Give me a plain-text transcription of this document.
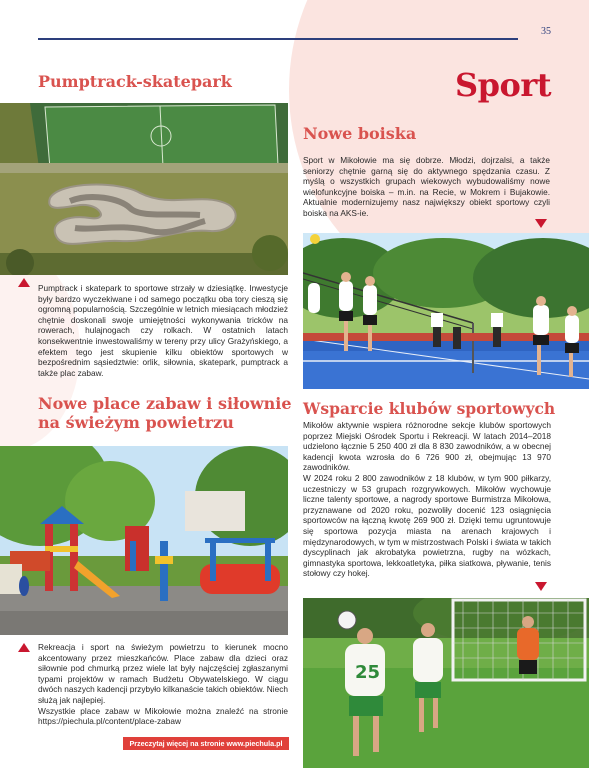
35
Sport
Pumptrack-skatepark

Pumptrack i skatepark to sportowe strzały w dziesiątkę. Inwestycje były bardzo wyczekiwane i od samego początku oba tory cieszą się ogromną popularnością. Szczególnie w letnich miesiącach młodzież chętnie doskonali swoje umiejętności wykonywania tricków na rowerach, hulajnogach czy rolkach. W ostatnich latach konsekwentnie inwestowaliśmy w tereny przy ulicy Grażyńskiego, a efektem tego jest skupienie kilku obiektów sportowych w bezpośrednim sąsiedztwie: orlik, siłownia, skatepark, pumptrack a także plac zabaw.

Nowe boiska

Sport w Mikołowie ma się dobrze. Młodzi, dojrzalsi, a także seniorzy chętnie garną się do aktywnego spędzania czasu. Z myślą o wszystkich grupach wiekowych wybudowaliśmy nowe wielofunkcyjne boiska – m.in. na Recie, w Mokrem i Bujakowie. Aktualnie modernizujemy nasz największy obiekt sportowy czyli boiska na AKS-ie.

Nowe place zabaw i siłownie na świeżym powietrzu

Rekreacja i sport na świeżym powietrzu to kierunek mocno akcentowany przez mieszkańców. Place zabaw dla dzieci oraz siłownie pod chmurką przez wiele lat były najczęściej zgłaszanymi typami projektów w ramach Budżetu Obywatelskiego. W ciągu dwóch naszych kadencji przybyło kilkanaście takich obiektów. Niech służą jak najlepiej.

Wszystkie place zabaw w Mikołowie można znaleźć na stronie https://piechula.pl/content/place-zabaw

Przeczytaj więcej na stronie www.piechula.pl
Wsparcie klubów sportowych

Mikołów aktywnie wspiera różnorodne sekcje klubów sportowych poprzez Miejski Ośrodek Sportu i Rekreacji. W latach 2014–2018 udzielono łącznie 5 250 400 zł dla 8 830 zawodników, a w obecnej kadencji kwota wzrosła do 6 726 900 zł, obejmując 13 970 zawodników.

W 2024 roku 2 800 zawodników z 18 klubów, w tym 900 piłkarzy, uczestniczy w 53 grupach rozgrywkowych. Mikołów wychowuje liczne talenty sportowe, a nagrody sportowe Burmistrza Mikołowa, przyznawane od 2020 roku, pozwoliły docenić 123 osiągnięcia sportowców na łączną kwotę 269 900 zł. Dzięki temu ugruntowuje się sportowa pozycja miasta na arenach krajowych i międzynarodowych, w tym w mistrzostwach Polski i świata w takich dyscyplinach jak akrobatyka powietrzna, rugby na wózkach, gimnastyka sportowa, lekkoatletyka, piłka siatkowa, pływanie, tenis stołowy czy hokej.

25
